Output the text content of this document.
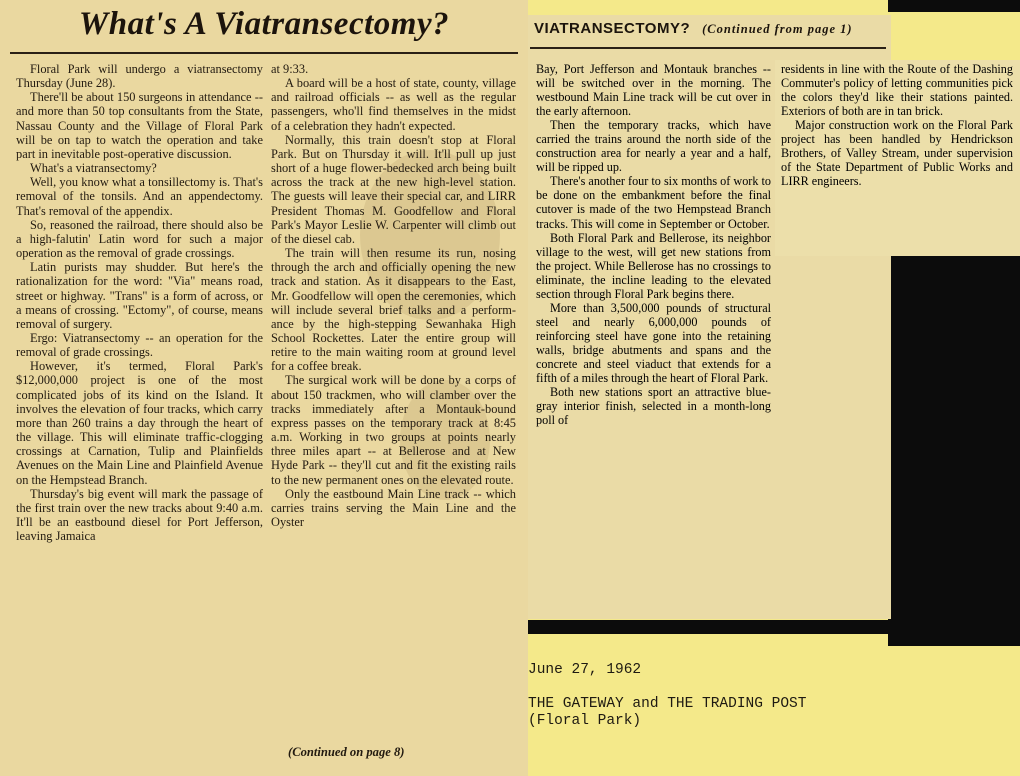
What's A Viatransectomy?

Floral Park will undergo a viatransectomy Thursday (June 28).

There'll be about 150 surgeons in attendance -- and more than 50 top consultants from the State, Nassau County and the Village of Floral Park will be on tap to watch the operation and take part in inevitable post-operative discussion.

What's a viatransectomy?

Well, you know what a tonsillectomy is. That's removal of the tonsils. And an appendectomy. That's removal of the appendix.

So, reasoned the railroad, there should also be a high-falutin' Latin word for such a major operation as the removal of grade crossings.

Latin purists may shudder. But here's the rationalization for the word: "Via" means road, street or highway. "Trans" is a form of across, or a means of crossing. "Ectomy", of course, means removal of surgery.

Ergo: Viatransectomy -- an operation for the removal of grade crossings.

However, it's termed, Floral Park's $12,000,000 project is one of the most complicated jobs of its kind on the Island. It involves the elevation of four tracks, which carry more than 260 trains a day through the heart of the village. This will eliminate traffic-clogging crossings at Carnation, Tulip and Plainfields Avenues on the Main Line and Plainfield Avenue on the Hempstead Branch.

Thursday's big event will mark the passage of the first train over the new tracks about 9:40 a.m. It'll be an eastbound diesel for Port Jefferson, leaving Jamaica

at 9:33.

A board will be a host of state, county, village and railroad officials -- as well as the regular passengers, who'll find themselves in the midst of a celebration they hadn't expected.

Normally, this train doesn't stop at Floral Park. But on Thursday it will. It'll pull up just short of a huge flower-bedecked arch being built across the track at the new high-level station. The guests will leave their special car, and LIRR President Thomas M. Goodfellow and Floral Park's Mayor Leslie W. Carpenter will climb out of the diesel cab.

The train will then resume its run, nosing through the arch and officially opening the new track and station. As it disappears to the East, Mr. Goodfellow will open the ceremonies, which will include several brief talks and a performance by the high-stepping Sewanhaka High School Rockettes. Later the entire group will retire to the main waiting room at ground level for a coffee break.

The surgical work will be done by a corps of about 150 trackmen, who will clamber over the tracks immediately after a Montauk-bound express passes on the temporary track at 8:45 a.m. Working in two groups at points nearly three miles apart -- at Bellerose and at New Hyde Park -- they'll cut and fit the existing rails to the new permanent ones on the elevated route.

Only the eastbound Main Line track -- which carries trains serving the Main Line and the Oyster

(Continued on page 8)
VIATRANSECTOMY? (Continued from page 1)

Bay, Port Jefferson and Montauk branches -- will be switched over in the morning. The westbound Main Line track will be cut over in the early afternoon.

Then the temporary tracks, which have carried the trains around the north side of the construction area for nearly a year and a half, will be ripped up.

There's another four to six months of work to be done on the embankment before the final cutover is made of the two Hempstead Branch tracks. This will come in September or October.

Both Floral Park and Bellerose, its neighbor village to the west, will get new stations from the project. While Bellerose has no crossings to eliminate, the incline leading to the elevated section through Floral Park begins there.

More than 3,500,000 pounds of structural steel and nearly 6,000,000 pounds of reinforcing steel have gone into the retaining walls, bridge abutments and spans and the concrete and steel viaduct that extends for a fifth of a miles through the heart of Floral Park.

Both new stations sport an attractive blue-gray interior finish, selected in a month-long poll of

residents in line with the Route of the Dashing Commuter's policy of letting communities pick the colors they'd like their stations painted. Exteriors of both are in tan brick.

Major construction work on the Floral Park project has been handled by Hendrickson Brothers, of Valley Stream, under supervision of the State Department of Public Works and LIRR engineers.

June 27, 1962
THE GATEWAY and THE TRADING POST
(Floral Park)
